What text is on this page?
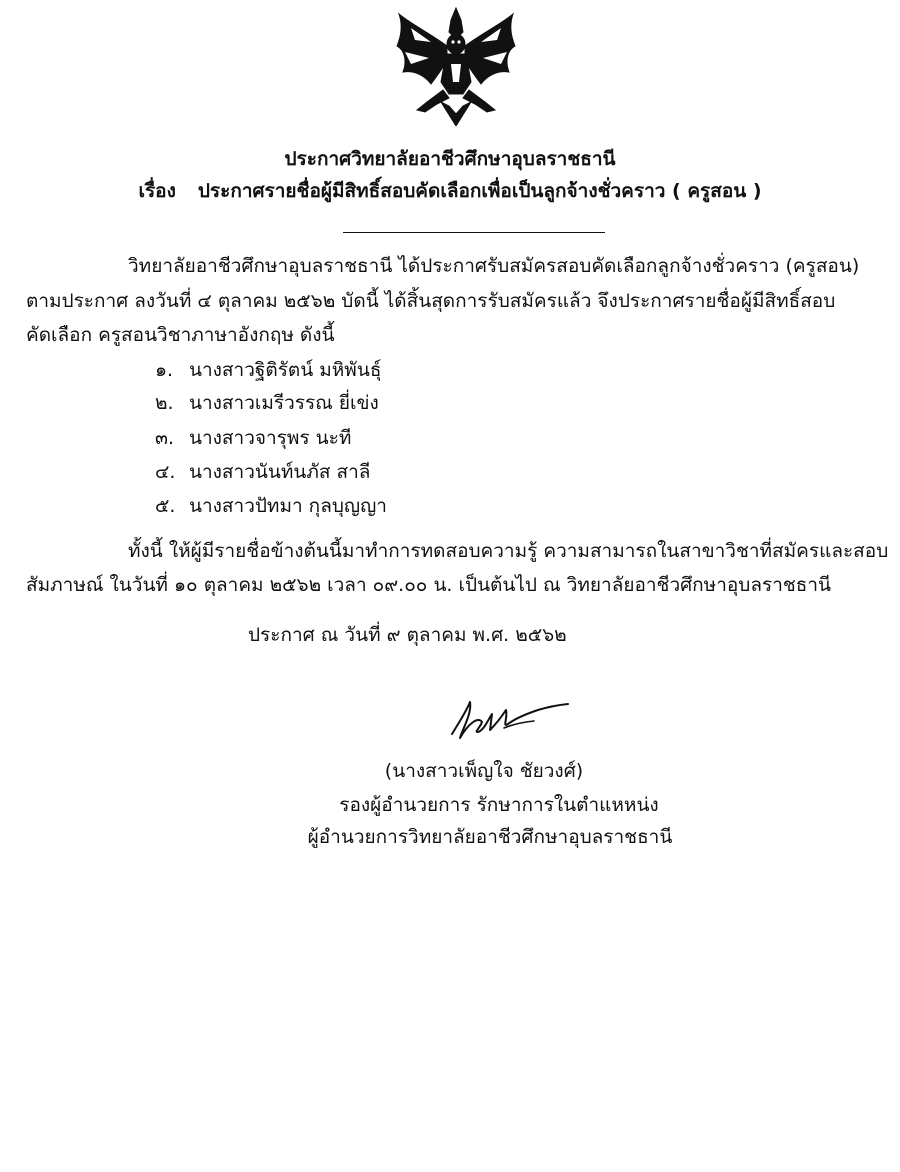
ประกาศวิทยาลัยอาชีวศึกษาอุบลราชธานี
เรื่อง ประกาศรายชื่อผู้มีสิทธิ์สอบคัดเลือกเพื่อเป็นลูกจ้างชั่วคราว ( ครูสอน )
วิทยาลัยอาชีวศึกษาอุบลราชธานี ได้ประกาศรับสมัครสอบคัดเลือกลูกจ้างชั่วคราว (ครูสอน)
ตามประกาศ ลงวันที่ ๔ ตุลาคม ๒๕๖๒ บัดนี้ ได้สิ้นสุดการรับสมัครแล้ว จึงประกาศรายชื่อผู้มีสิทธิ์สอบ
คัดเลือก ครูสอนวิชาภาษาอังกฤษ ดังนี้
๑. นางสาวฐิติรัตน์ มหิพันธุ์
๒. นางสาวเมรีวรรณ ยี่เข่ง
๓. นางสาวจารุพร นะที
๔. นางสาวนันท์นภัส สาลี
๕. นางสาวปัทมา กุลบุญญา
ทั้งนี้ ให้ผู้มีรายชื่อข้างต้นนี้มาทำการทดสอบความรู้ ความสามารถในสาขาวิชาที่สมัครและสอบ
สัมภาษณ์ ในวันที่ ๑๐ ตุลาคม ๒๕๖๒ เวลา ๐๙.๐๐ น. เป็นต้นไป ณ วิทยาลัยอาชีวศึกษาอุบลราชธานี
ประกาศ ณ วันที่ ๙ ตุลาคม พ.ศ. ๒๕๖๒
(นางสาวเพ็ญใจ ชัยวงศ์)
รองผู้อำนวยการ รักษาการในตำแหหน่ง
ผู้อำนวยการวิทยาลัยอาชีวศึกษาอุบลราชธานี
